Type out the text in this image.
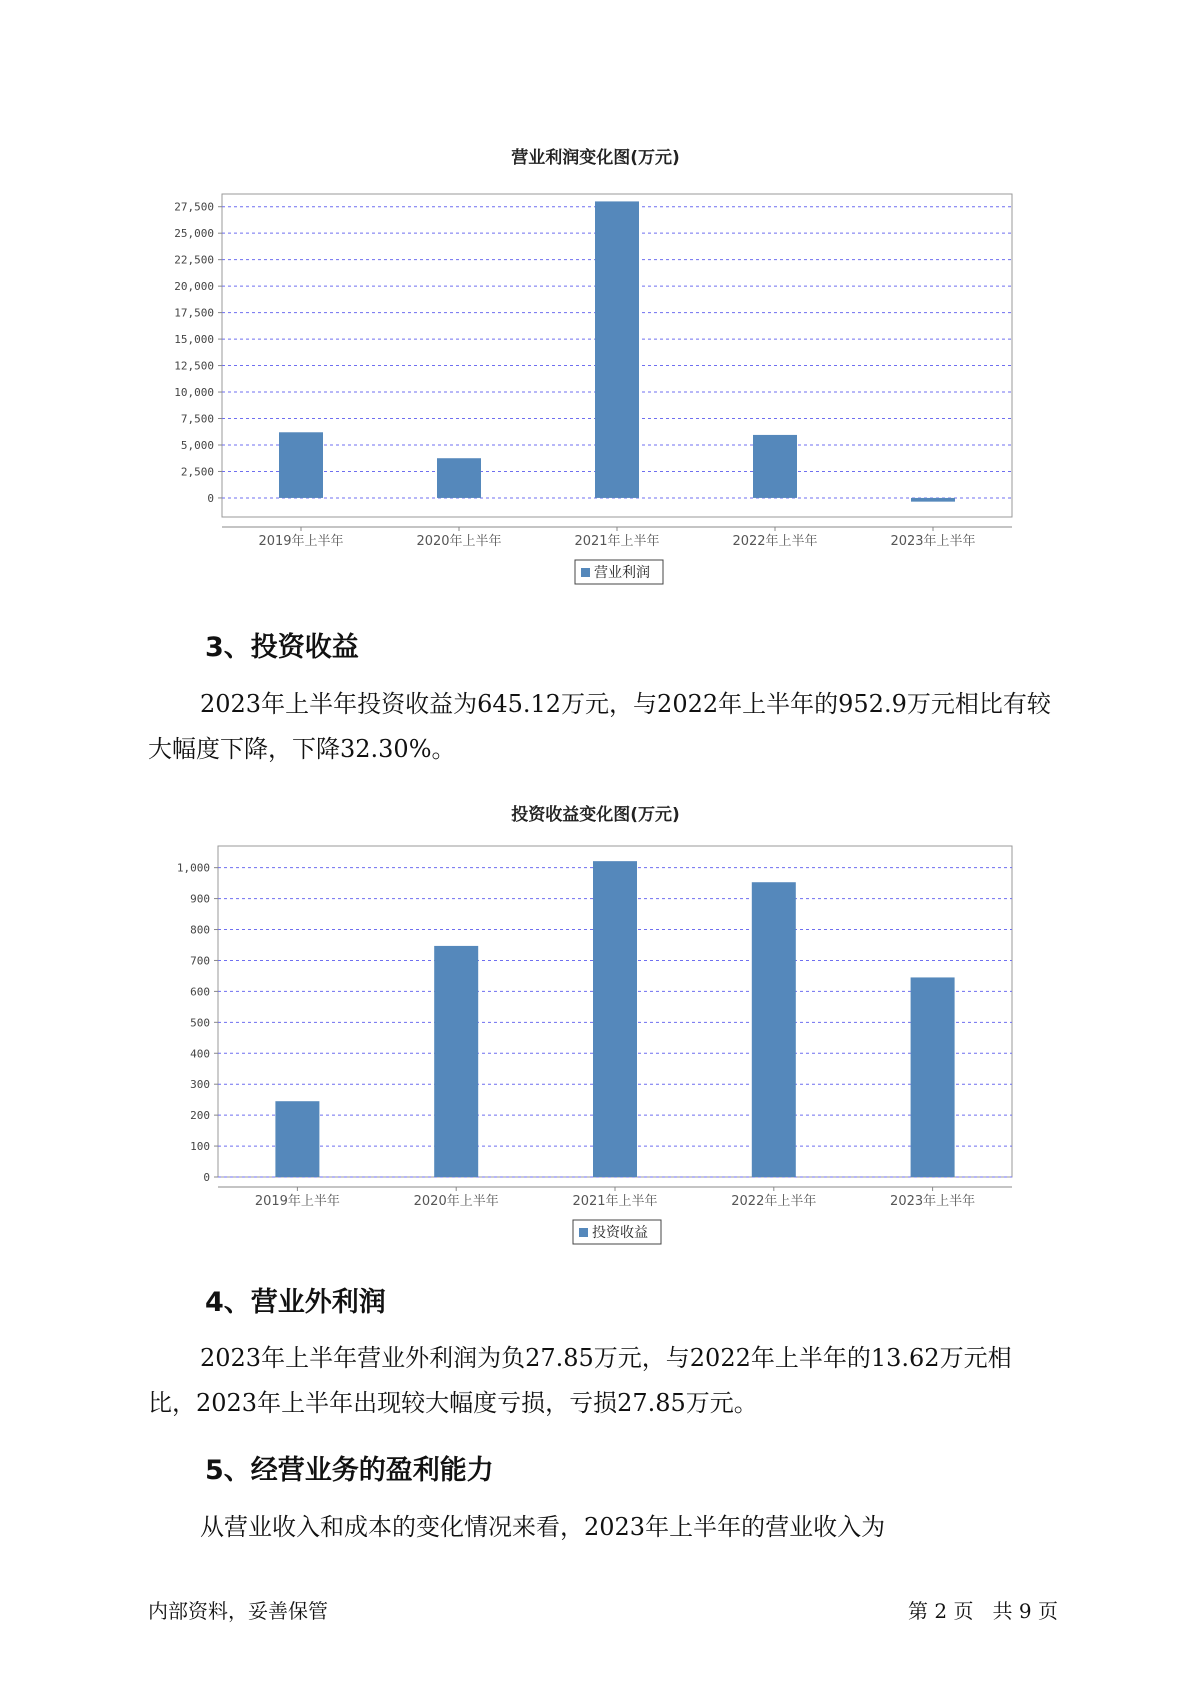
营业利润变化图(万元)
0
2,500
5,000
7,500
10,000
12,500
15,000
17,500
20,000
22,500
25,000
27,500
2019年上半年	2020年上半年	2021年上半年	2022年上半年	2023年上半年
营业利润
3、投资收益

2023年上半年投资收益为645.12万元，与2022年上半年的952.9万元相比有较大幅度下降，下降32.30%。

投资收益变化图(万元)
0
100
200
300
400
500
600
700
800
900
1,000
2019年上半年	2020年上半年	2021年上半年	2022年上半年	2023年上半年
投资收益
4、营业外利润

2023年上半年营业外利润为负27.85万元，与2022年上半年的13.62万元相比，2023年上半年出现较大幅度亏损，亏损27.85万元。

5、经营业务的盈利能力

从营业收入和成本的变化情况来看，2023年上半年的营业收入为

内部资料，妥善保管	第 2 页   共 9 页
